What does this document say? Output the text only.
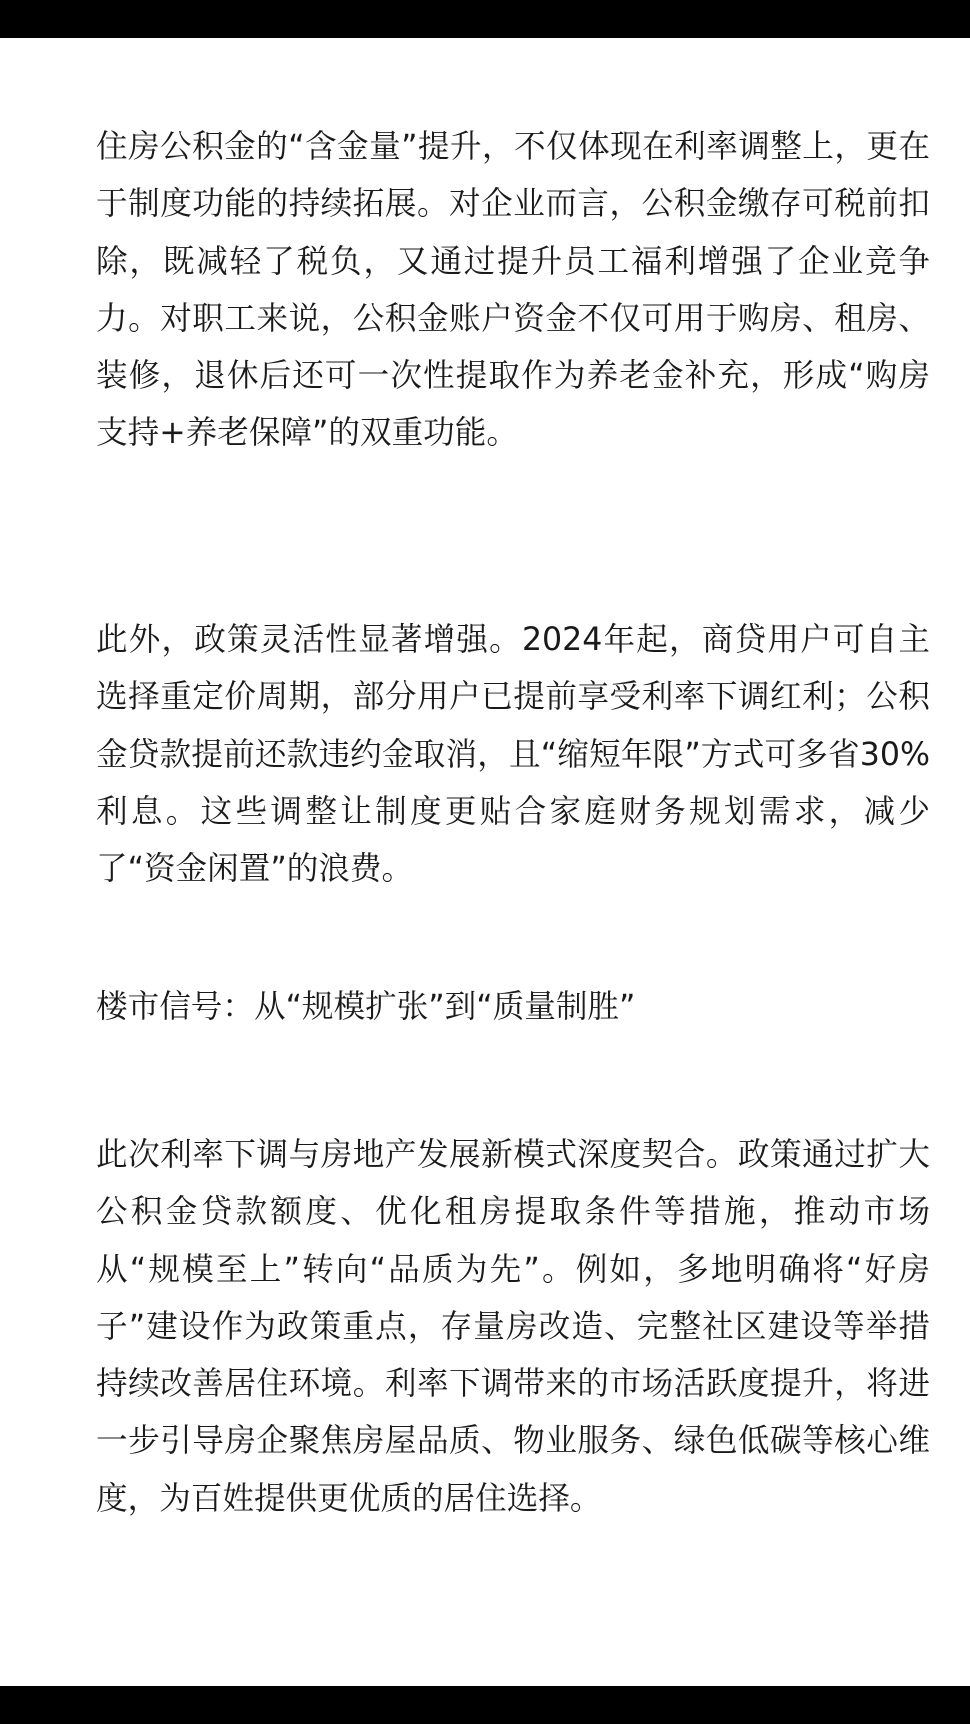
住房公积金的“含金量”提升，不仅体现在利率调整上，更在于制度功能的持续拓展。对企业而言，公积金缴存可税前扣除，既减轻了税负，又通过提升员工福利增强了企业竞争力。对职工来说，公积金账户资金不仅可用于购房、租房、装修，退休后还可一次性提取作为养老金补充，形成“购房支持+养老保障”的双重功能。

此外，政策灵活性显著增强。2024年起，商贷用户可自主选择重定价周期，部分用户已提前享受利率下调红利；公积金贷款提前还款违约金取消，且“缩短年限”方式可多省30%利息。这些调整让制度更贴合家庭财务规划需求，减少了“资金闲置”的浪费。

楼市信号：从“规模扩张”到“质量制胜”

此次利率下调与房地产发展新模式深度契合。政策通过扩大公积金贷款额度、优化租房提取条件等措施，推动市场从“规模至上”转向“品质为先”。例如，多地明确将“好房子”建设作为政策重点，存量房改造、完整社区建设等举措持续改善居住环境。利率下调带来的市场活跃度提升，将进一步引导房企聚焦房屋品质、物业服务、绿色低碳等核心维度，为百姓提供更优质的居住选择。
